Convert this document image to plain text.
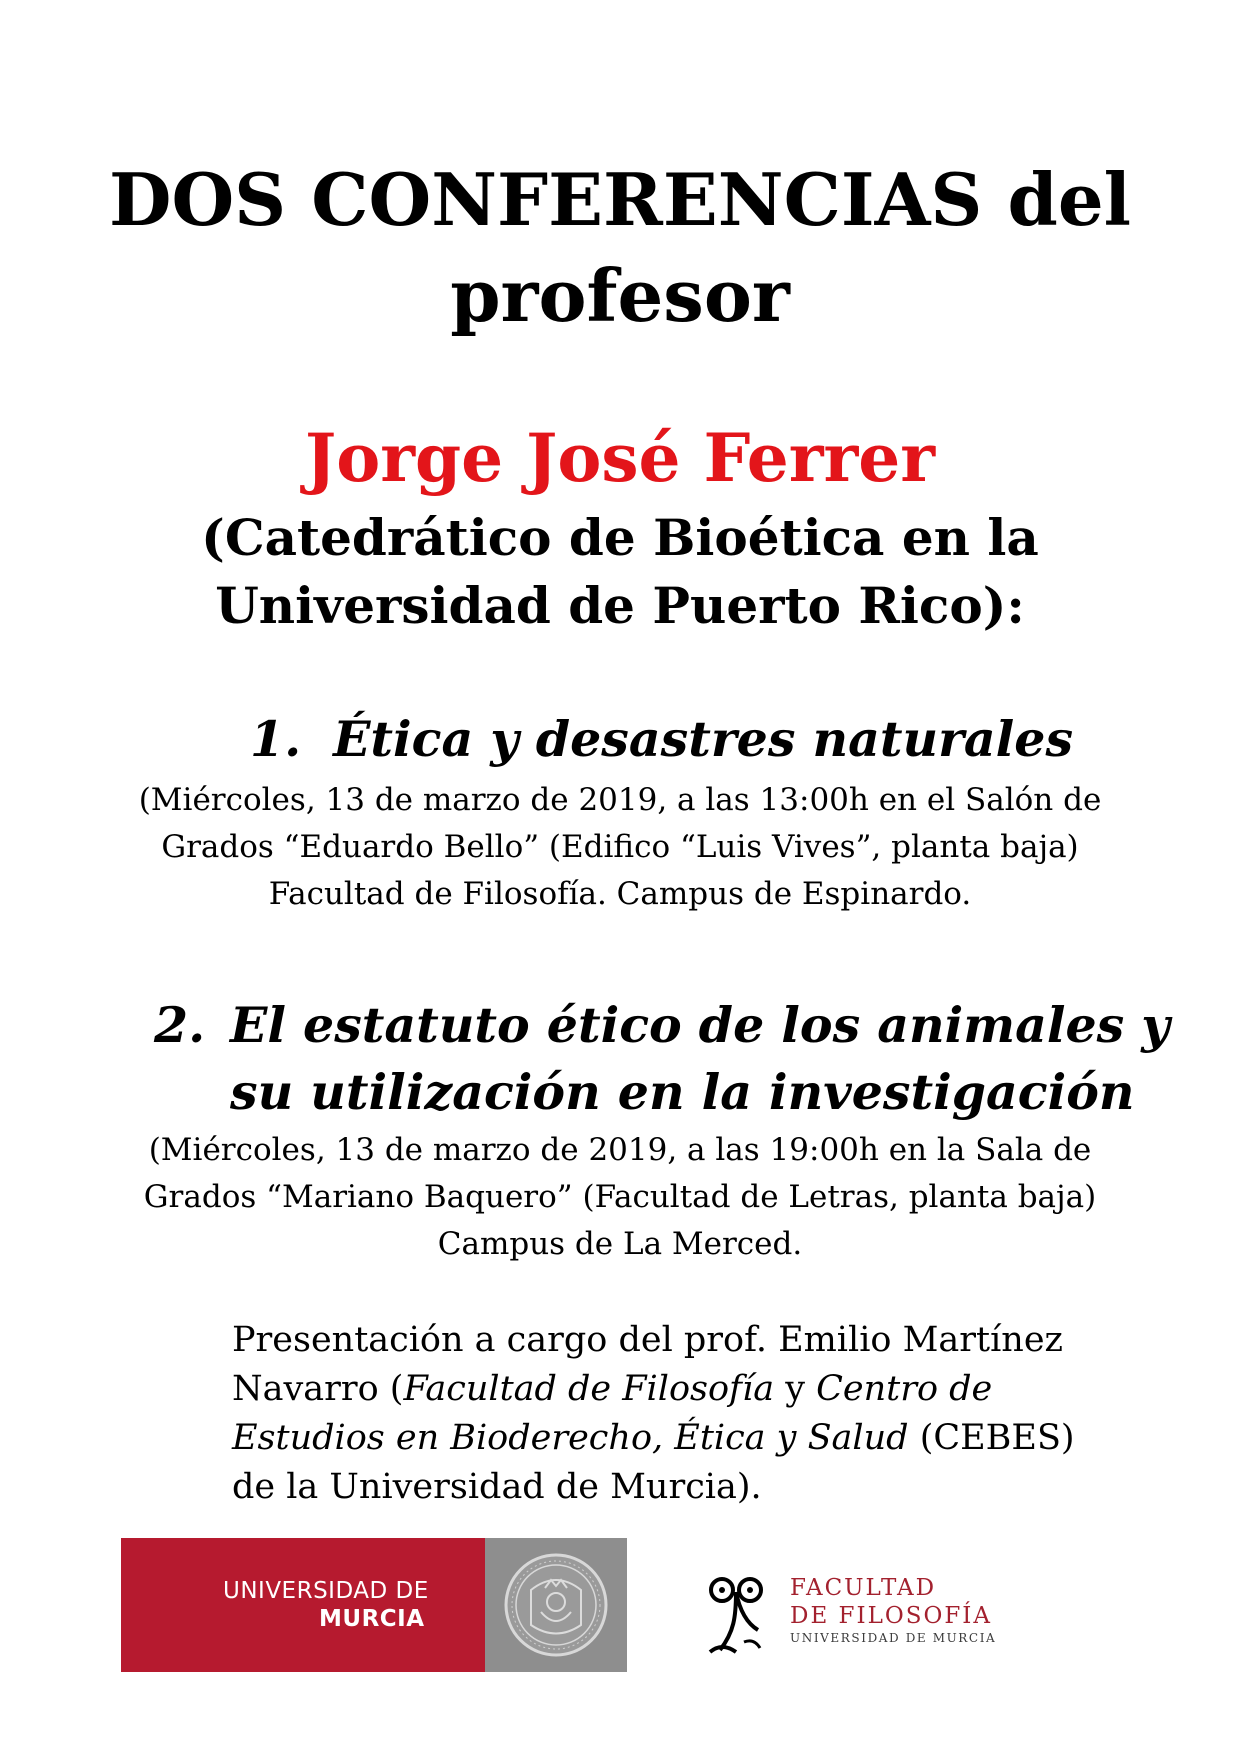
DOS CONFERENCIAS del
profesor
Jorge José Ferrer
(Catedrático de Bioética en la
Universidad de Puerto Rico):
1. Ética y desastres naturales
(Miércoles, 13 de marzo de 2019, a las 13:00h en el Salón de
Grados “Eduardo Bello” (Edifico “Luis Vives”, planta baja)
Facultad de Filosofía. Campus de Espinardo.
2. El estatuto ético de los animales y
su utilización en la investigación
(Miércoles, 13 de marzo de 2019, a las 19:00h en la Sala de
Grados “Mariano Baquero” (Facultad de Letras, planta baja)
Campus de La Merced.
Presentación a cargo del prof. Emilio Martínez Navarro (Facultad de Filosofía y Centro de Estudios en Bioderecho, Ética y Salud (CEBES) de la Universidad de Murcia).
UNIVERSIDAD DE
MURCIA
FACULTAD
DE FILOSOFÍA
UNIVERSIDAD DE MURCIA
